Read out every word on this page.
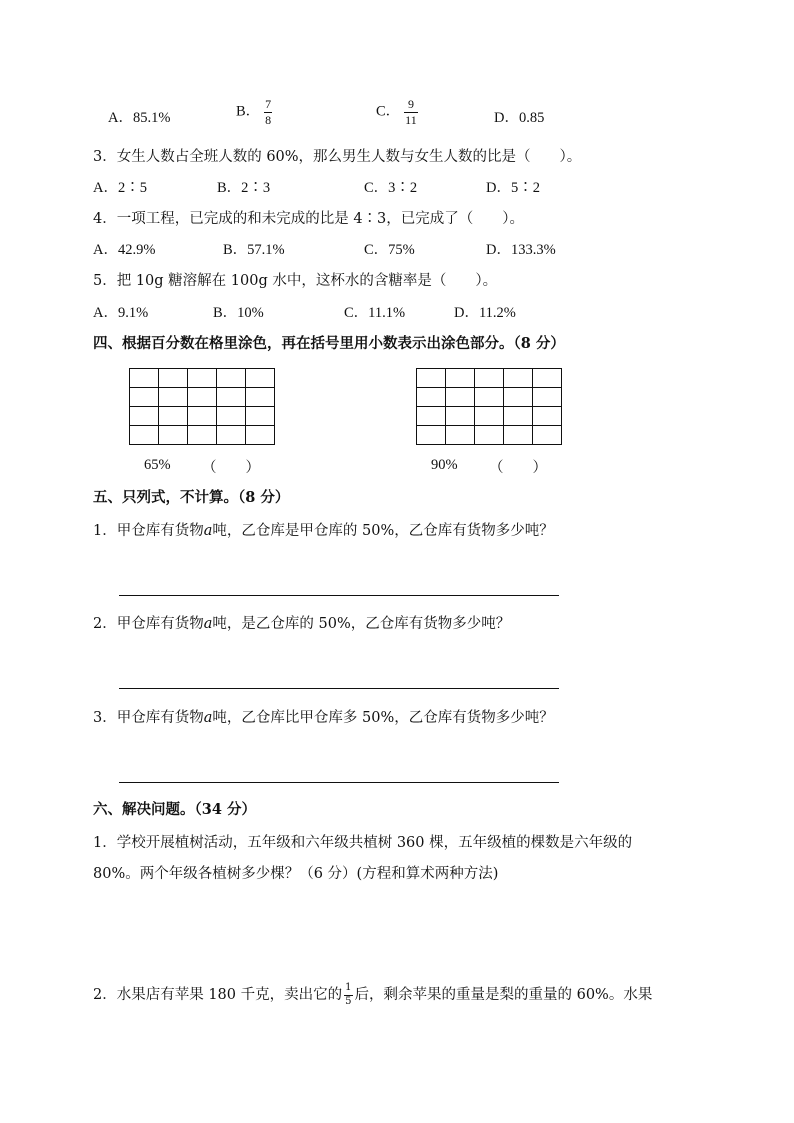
A．85.1%	B． $\frac{7}{8}$	C． $\frac{9}{11}$	D．0.85
3．女生人数占全班人数的 60%，那么男生人数与女生人数的比是（　　）。
A．2∶5	B．2∶3	C．3∶2	D．5∶2
4．一项工程，已完成的和未完成的比是 4∶3，已完成了（　　）。
A．42.9%	B．57.1%	C．75%	D．133.3%
5．把 10g 糖溶解在 100g 水中，这杯水的含糖率是（　　）。
A．9.1%	B．10%	C．11.1%	D．11.2%
四、根据百分数在格里涂色，再在括号里用小数表示出涂色部分。（8 分）

65% （　　）

					90% （　　）
五、只列式，不计算。（8 分）
1．甲仓库有货物a吨，乙仓库是甲仓库的 50%，乙仓库有货物多少吨？
2．甲仓库有货物a吨，是乙仓库的 50%，乙仓库有货物多少吨？
3．甲仓库有货物a吨，乙仓库比甲仓库多 50%，乙仓库有货物多少吨？
六、解决问题。（34 分）
1．学校开展植树活动，五年级和六年级共植树 360 棵，五年级植的棵数是六年级的
80%。两个年级各植树多少棵？（6 分）(方程和算术两种方法)
2．水果店有苹果 180 千克，卖出它的 $\frac{1}{5}$ 后，剩余苹果的重量是梨的重量的 60%。水果
